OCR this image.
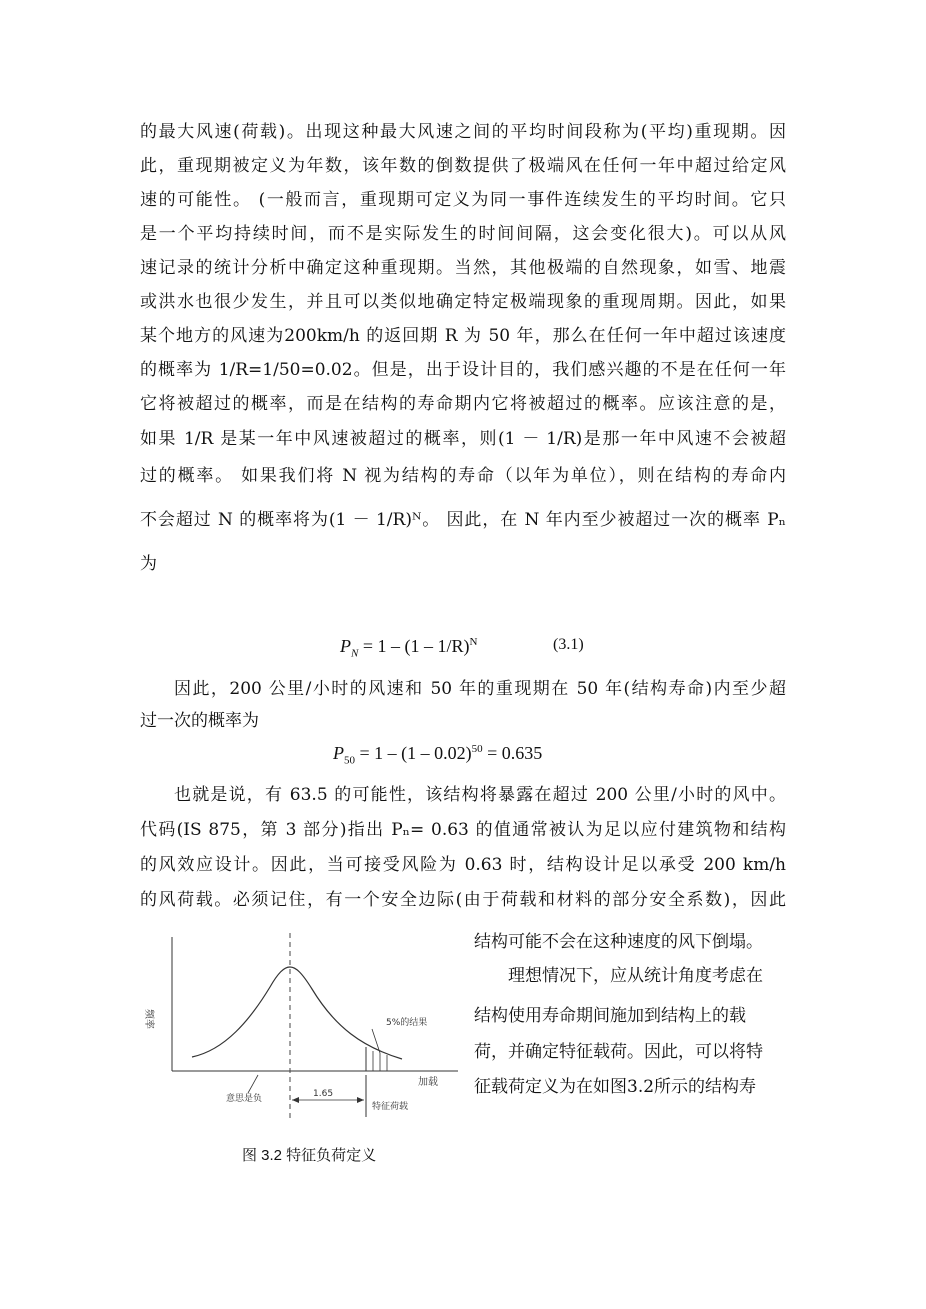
的最大风速(荷载)。出现这种最大风速之间的平均时间段称为(平均)重现期。因
此，重现期被定义为年数，该年数的倒数提供了极端风在任何一年中超过给定风
速的可能性。 (一般而言，重现期可定义为同一事件连续发生的平均时间。它只
是一个平均持续时间，而不是实际发生的时间间隔，这会变化很大)。可以从风
速记录的统计分析中确定这种重现期。当然，其他极端的自然现象，如雪、地震
或洪水也很少发生，并且可以类似地确定特定极端现象的重现周期。因此，如果
某个地方的风速为200km/h 的返回期 R 为 50 年，那么在任何一年中超过该速度
的概率为 1/R=1/50=0.02。但是，出于设计目的，我们感兴趣的不是在任何一年
它将被超过的概率，而是在结构的寿命期内它将被超过的概率。应该注意的是，
如果 1/R 是某一年中风速被超过的概率，则(1 － 1/R)是那一年中风速不会被超
过的概率。 如果我们将 N 视为结构的寿命（以年为单位），则在结构的寿命内
不会超过 N 的概率将为(1 － 1/R)ᴺ。 因此，在 N 年内至少被超过一次的概率 Pₙ
为
$P_N = 1 - (1 - 1/R)^N$	(3.1)
因此，200 公里/小时的风速和 50 年的重现期在 50 年(结构寿命)内至少超
过一次的概率为
$P_{50} = 1 - (1 - 0.02)^{50} = 0.635$
也就是说，有 63.5 的可能性，该结构将暴露在超过 200 公里/小时的风中。
代码(IS 875，第 3 部分)指出 Pₙ= 0.63 的值通常被认为足以应付建筑物和结构
的风效应设计。因此，当可接受风险为 0.63 时，结构设计足以承受 200 km/h
的风荷载。必须记住，有一个安全边际(由于荷载和材料的部分安全系数)，因此
结构可能不会在这种速度的风下倒塌。
理想情况下，应从统计角度考虑在
结构使用寿命期间施加到结构上的载
荷，并确定特征载荷。因此，可以将特
征载荷定义为在如图3.2所示的结构寿
频率	5%的结果
加载
1.65
特征荷载
意思是负
图 3.2 特征负荷定义
